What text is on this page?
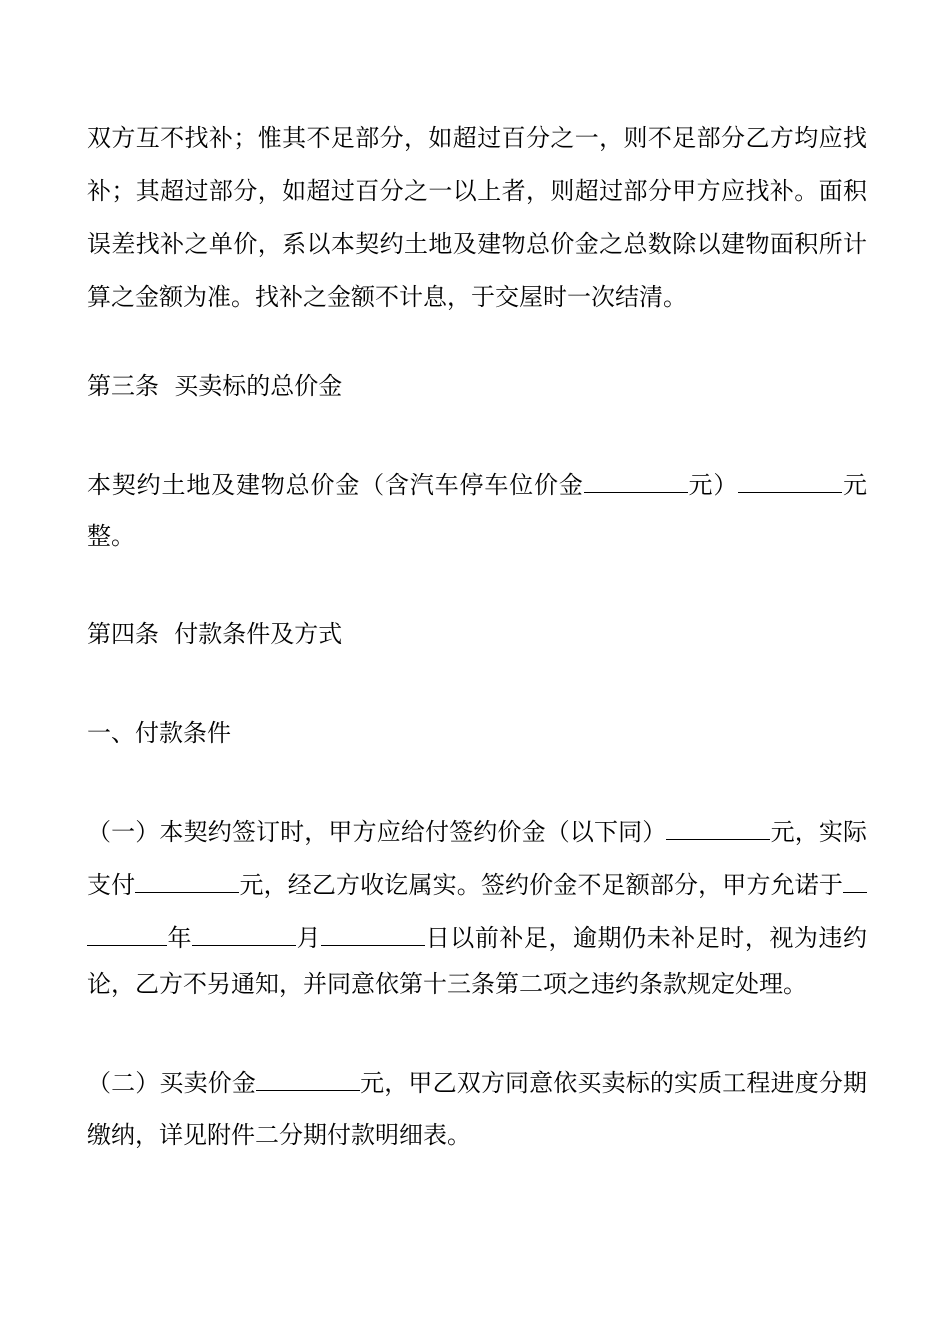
双方互不找补；惟其不足部分，如超过百分之一，则不足部分乙方均应找
补；其超过部分，如超过百分之一以上者，则超过部分甲方应找补。面积
误差找补之单价，系以本契约土地及建物总价金之总数除以建物面积所计
算之金额为准。找补之金额不计息，于交屋时一次结清。
第三条  买卖标的总价金
本契约土地及建物总价金（含汽车停车位价金	元）	元
整。
第四条  付款条件及方式
一、付款条件
（一）本契约签订时，甲方应给付签约价金（以下同）	元，实际
支付	元，经乙方收讫属实。签约价金不足额部分，甲方允诺于
年	月	日以前补足，逾期仍未补足时，视为违约
论，乙方不另通知，并同意依第十三条第二项之违约条款规定处理。
（二）买卖价金	元，甲乙双方同意依买卖标的实质工程进度分期
缴纳，详见附件二分期付款明细表。
